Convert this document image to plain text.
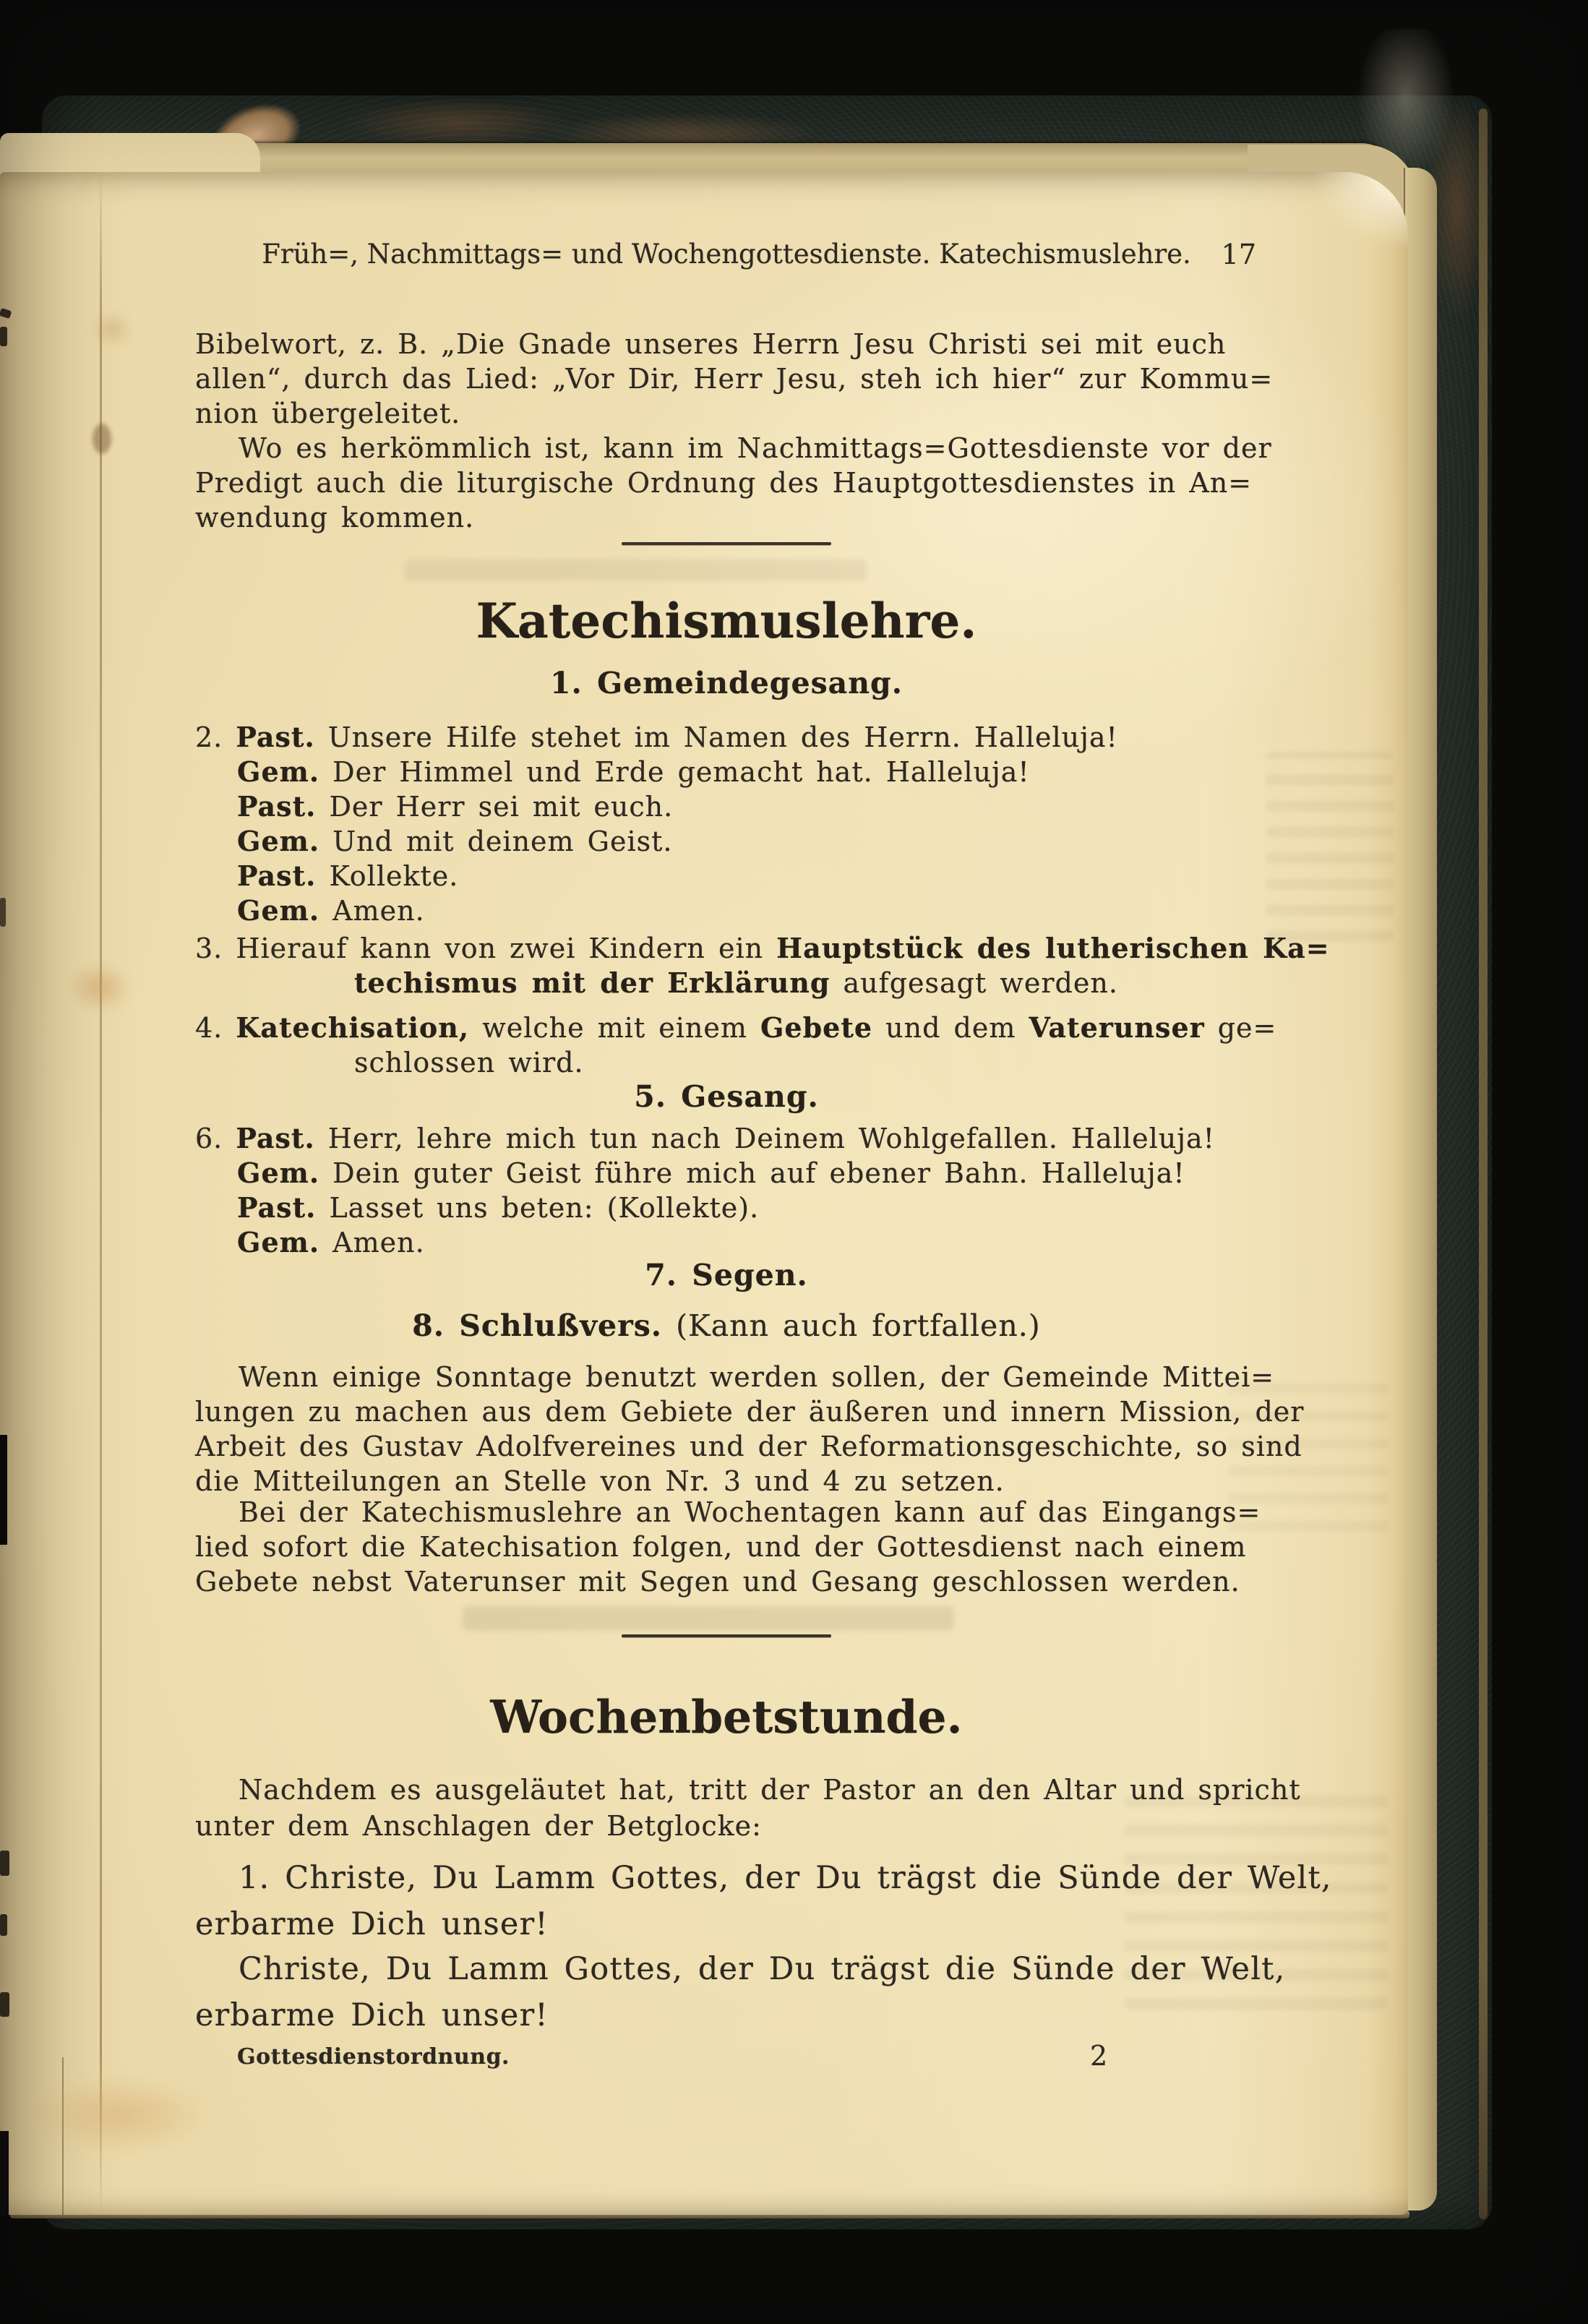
Früh=, Nachmittags= und Wochengottesdienste. Katechismuslehre. 17
Bibelwort, z. B. „Die Gnade unseres Herrn Jesu Christi sei mit euch
allen“, durch das Lied: „Vor Dir, Herr Jesu, steh ich hier“ zur Kommu=
nion übergeleitet.
Wo es herkömmlich ist, kann im Nachmittags=Gottesdienste vor der
Predigt auch die liturgische Ordnung des Hauptgottesdienstes in An=
wendung kommen.
Katechismuslehre.
1. Gemeindegesang.
2. Past. Unsere Hilfe stehet im Namen des Herrn. Halleluja!
Gem. Der Himmel und Erde gemacht hat. Halleluja!
Past. Der Herr sei mit euch.
Gem. Und mit deinem Geist.
Past. Kollekte.
Gem. Amen.
3. Hierauf kann von zwei Kindern ein Hauptstück des lutherischen Ka=
techismus mit der Erklärung aufgesagt werden.
4. Katechisation, welche mit einem Gebete und dem Vaterunser ge=
schlossen wird.
5. Gesang.
6. Past. Herr, lehre mich tun nach Deinem Wohlgefallen. Halleluja!
Gem. Dein guter Geist führe mich auf ebener Bahn. Halleluja!
Past. Lasset uns beten: (Kollekte).
Gem. Amen.
7. Segen.
8. Schlußvers. (Kann auch fortfallen.)
Wenn einige Sonntage benutzt werden sollen, der Gemeinde Mittei=
lungen zu machen aus dem Gebiete der äußeren und innern Mission, der
Arbeit des Gustav Adolfvereines und der Reformationsgeschichte, so sind
die Mitteilungen an Stelle von Nr. 3 und 4 zu setzen.
Bei der Katechismuslehre an Wochentagen kann auf das Eingangs=
lied sofort die Katechisation folgen, und der Gottesdienst nach einem
Gebete nebst Vaterunser mit Segen und Gesang geschlossen werden.
Wochenbetstunde.
Nachdem es ausgeläutet hat, tritt der Pastor an den Altar und spricht
unter dem Anschlagen der Betglocke:
1. Christe, Du Lamm Gottes, der Du trägst die Sünde der Welt,
erbarme Dich unser!
Christe, Du Lamm Gottes, der Du trägst die Sünde der Welt,
erbarme Dich unser!
Gottesdienstordnung.	2
